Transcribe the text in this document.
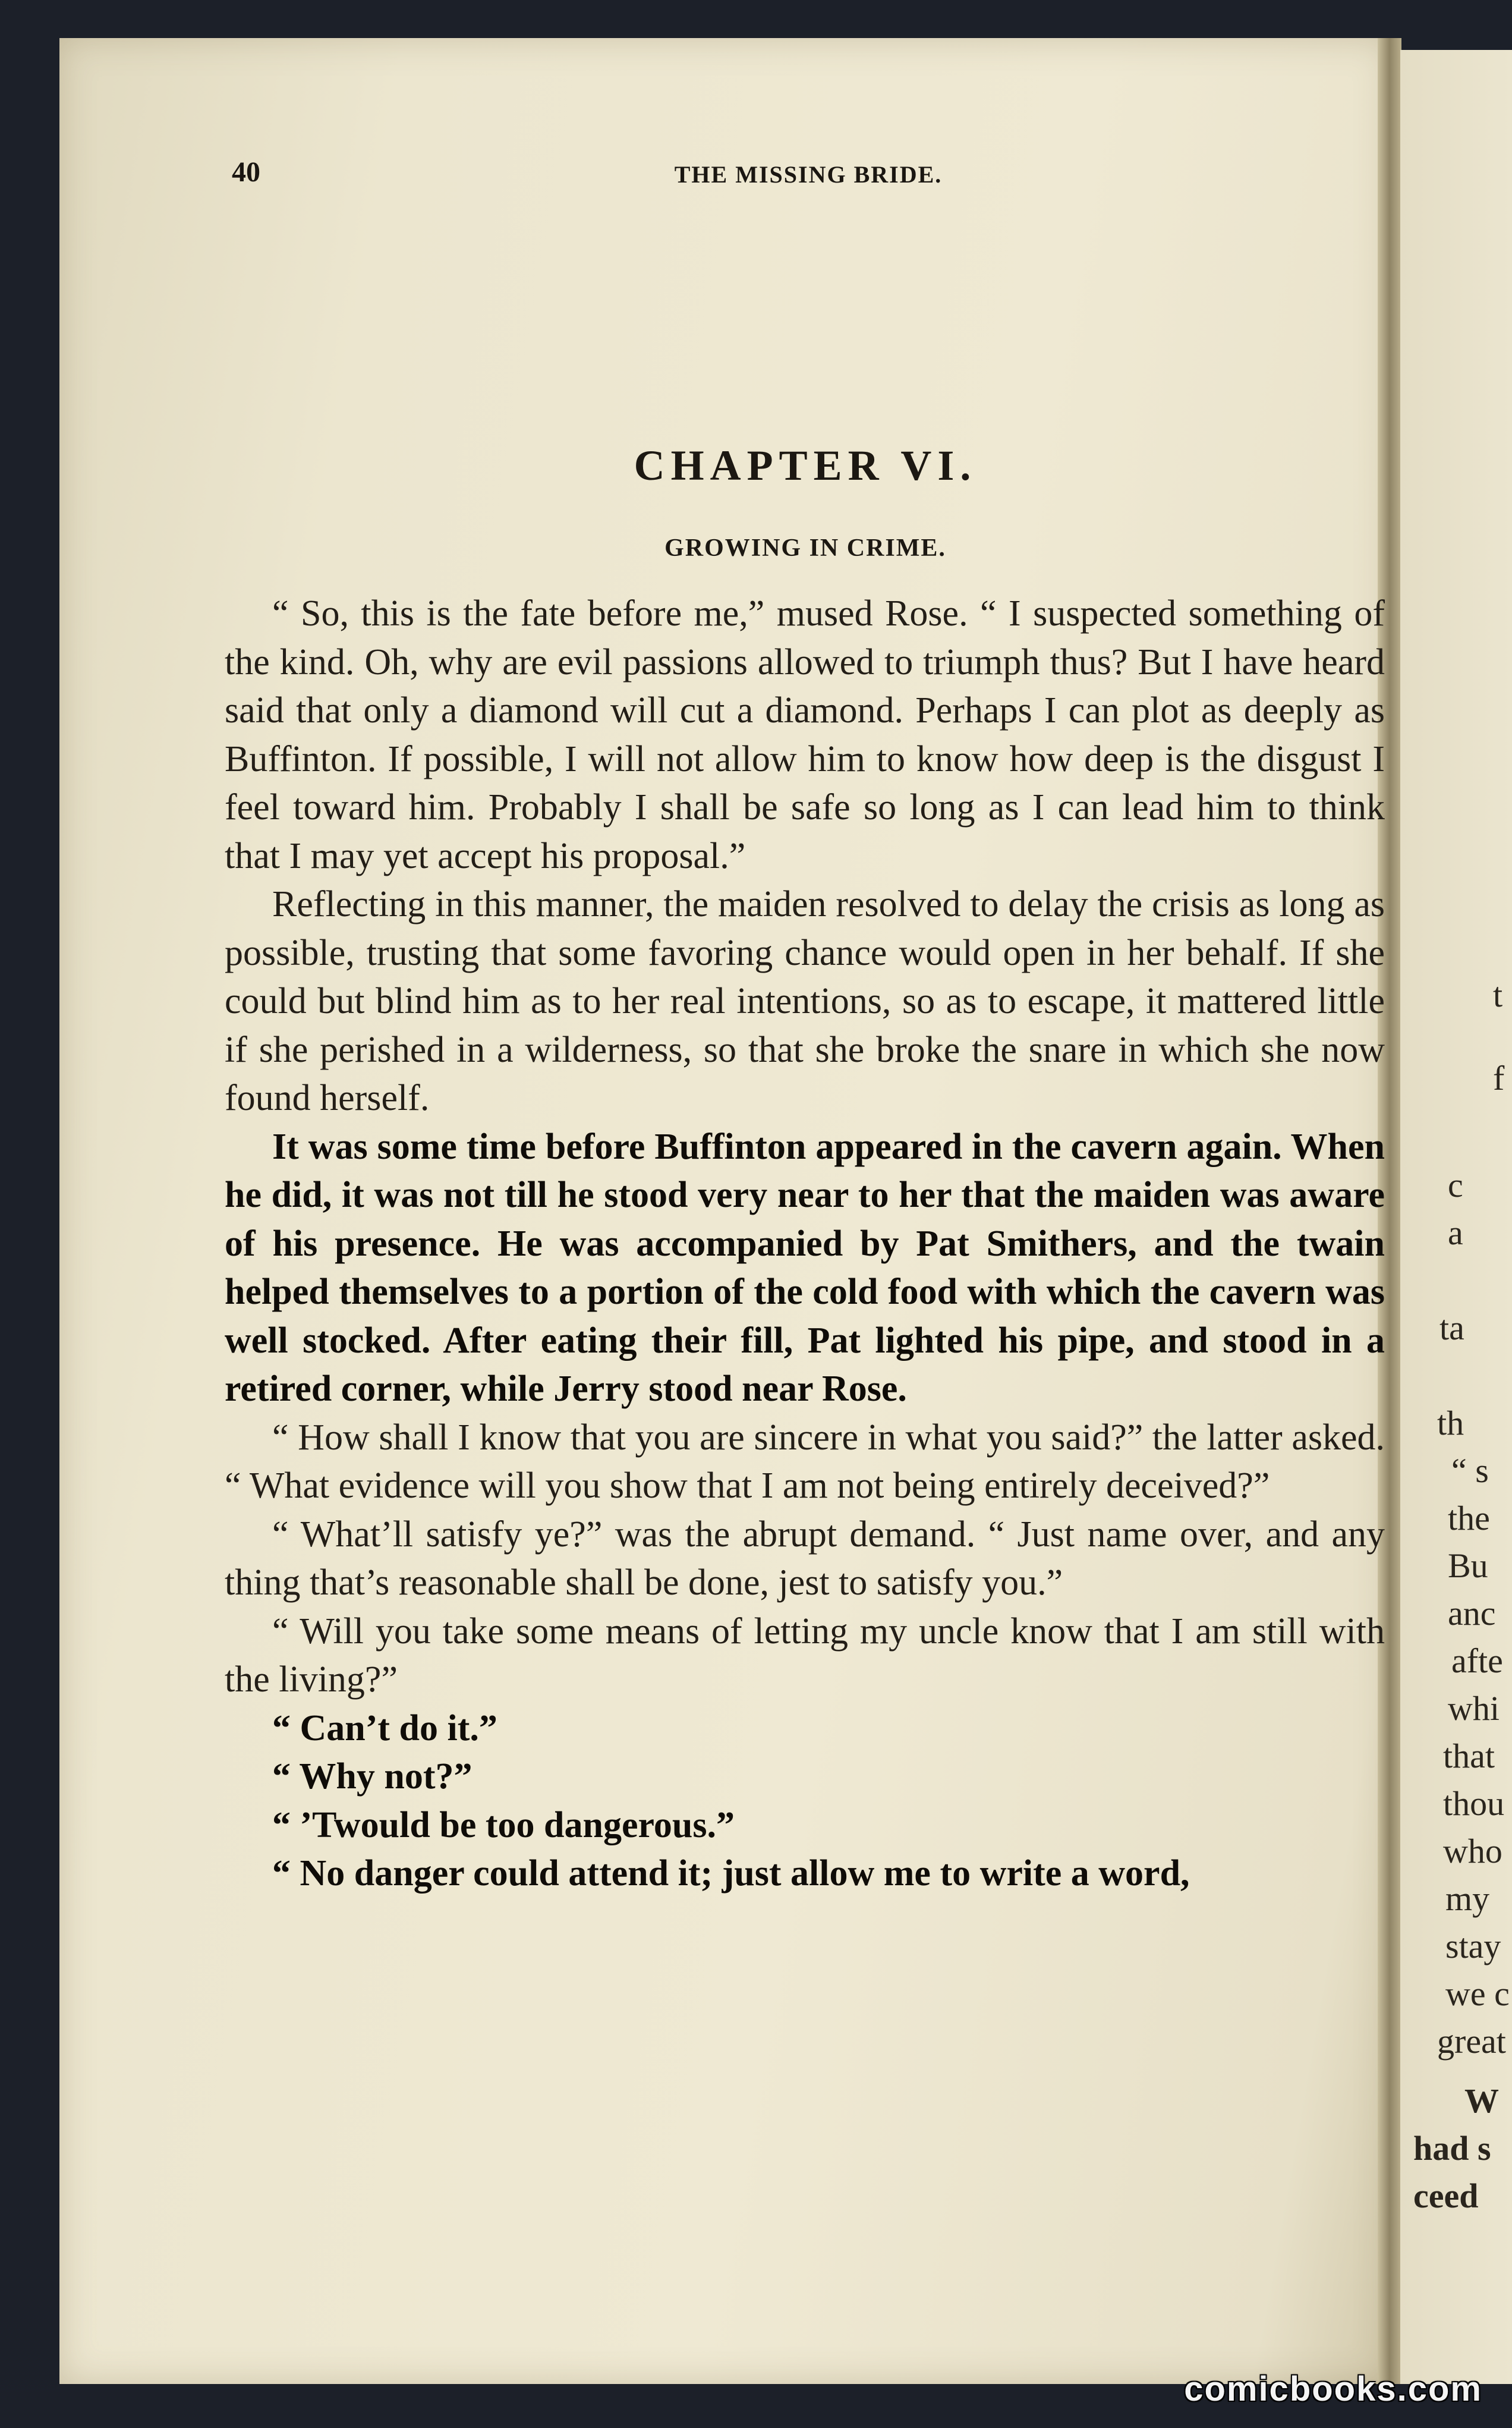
t
f
c
a
ta
th
“ s
the
Bu
anc
afte
whi
that
thou
who
my
stay
we c
great
W
had s
ceed
40	THE MISSING BRIDE.
CHAPTER VI.
GROWING IN CRIME.

“ So, this is the fate before me,” mused Rose. “ I suspected something of the kind. Oh, why are evil passions allowed to triumph thus? But I have heard said that only a diamond will cut a diamond. Perhaps I can plot as deeply as Buffinton. If possible, I will not allow him to know how deep is the disgust I feel toward him. Probably I shall be safe so long as I can lead him to think that I may yet accept his proposal.”

Reflecting in this manner, the maiden resolved to delay the crisis as long as possible, trusting that some favoring chance would open in her behalf. If she could but blind him as to her real intentions, so as to escape, it mattered little if she perished in a wilderness, so that she broke the snare in which she now found herself.

It was some time before Buffinton appeared in the cavern again. When he did, it was not till he stood very near to her that the maiden was aware of his presence. He was accompanied by Pat Smithers, and the twain helped themselves to a portion of the cold food with which the cavern was well stocked. After eating their fill, Pat lighted his pipe, and stood in a retired corner, while Jerry stood near Rose.

“ How shall I know that you are sincere in what you said?” the latter asked. “ What evidence will you show that I am not being entirely deceived?”

“ What’ll satisfy ye?” was the abrupt demand. “ Just name over, and any thing that’s reasonable shall be done, jest to satisfy you.”

“ Will you take some means of letting my uncle know that I am still with the living?”

“ Can’t do it.”

“ Why not?”

“ ’Twould be too dangerous.”

“ No danger could attend it; just allow me to write a word,

comicbooks.com
